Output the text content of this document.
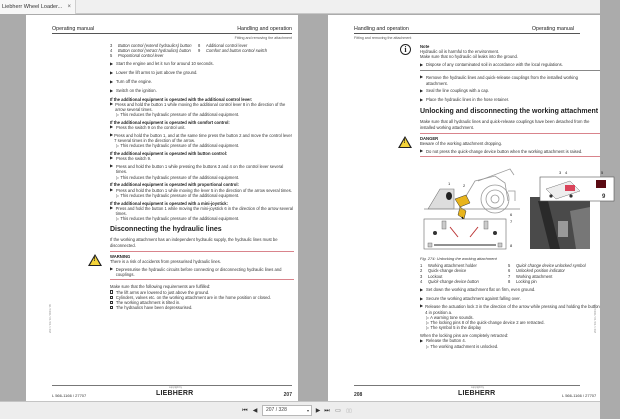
Liebherr Wheel Loader... ×
Operating manual	Handling and operation
Fitting and removing the attachment
3	Button control (extend hydraulics) button	8	Additional control lever
4	Button control (retract hydraulics) button	9	Comfort and button control switch
5	Proportional control lever

▶ Start the engine and let it run for around 10 seconds.

▶ Lower the lift arms to just above the ground.

▶ Turn off the engine.

▶ Switch on the ignition.

If the additional equipment is operated with the additional control lever:
▶ Press and hold the button 1 while moving the additional control lever 8 in the direction of the arrow several times.

▷ This reduces the hydraulic pressure of the additional equipment.

If the additional equipment is operated with comfort control:

▶ Press the switch 9 on the control unit.

▶ Press and hold the button 1, and at the same time press the button 2 and move the control lever 7 several times in the direction of the arrow.

▷ This reduces the hydraulic pressure of the additional equipment.

If the additional equipment is operated with button control:

▶ Press the switch 9.

▶ Press and hold the button 1 while pressing the buttons 3 and 4 on the control lever several times.

▷ This reduces the hydraulic pressure of the additional equipment.

If the additional equipment is operated with proportional control:
▶ Press and hold the button 1 while moving the lever 5 in the direction of the arrow several times.

▷ This reduces the hydraulic pressure of the additional equipment.

If the additional equipment is operated with a mini-joystick:
▶ Press and hold the button 1 while moving the mini-joystick 6 in the direction of the arrow several times.

▷ This reduces the hydraulic pressure of the additional equipment.

Disconnecting the hydraulic lines

If the working attachment has an independent hydraulic supply, the hydraulic lines must be disconnected.

!
WARNING

There is a risk of accidents from pressurised hydraulic lines.

▶ Depressurise the hydraulic circuits before connecting or disconnecting hydraulic lines and couplings.
Make sure that the following requirements are fulfilled:
The lift arms are lowered to just above the ground.
Cylinders, valves etc. on the working attachment are in the home position or closed.
The working attachment is tilted in.
The hydraulics have been depressurised.
2017 / 04 / 10 / 0001 / 05
L 566-1166 / 27707
copyright by
LIEBHERR	207
Handling and operation	Operating manual
Fitting and removing the attachment
i	Note
Hydraulic oil is harmful to the environment.

Make sure that no hydraulic oil leaks into the ground.

▶ Dispose of any contaminated soil in accordance with the local regulations.

▶ Remove the hydraulic lines and quick-release couplings from the installed working attachment.

▶ Seal the line couplings with a cap.

▶ Place the hydraulic lines in the hose retainer.

Unlocking and disconnecting the working attachment

Make sure that all hydraulic lines and quick-release couplings have been detached from the installed working attachment.

!
DANGER

Beware of the working attachment dropping.

▶ Do not press the quick-change device button when the working attachment is raised.
9
1	2
3 4	5
6
7
8
Fig. 274: Unlocking the working attachment
1	Working attachment holder	5	Quick change device unlocked symbol
2	Quick-change device	6	Unlocked position indicator
3	Lockout	7	Working attachment
4	Quick-change device button	8	Locking pin

▶ Set down the working attachment flat on firm, even ground.

▶ Secure the working attachment against falling over.

▶ Release the actuation lock 3 in the direction of the arrow while pressing and holding the button 4 in position a.
▷ A warning tone sounds.
▷ The locking pins 8 of the quick-change device 2 are retracted.

▷ The symbol 5 in the display

When the locking pins are completely retracted:
▶ Release the button 4.
▷ The working attachment is unlocked.
2017 / 04 / 10 / 0001 / 05
208
copyright by
LIEBHERR	L 566-1166 / 27707
⏮ ◀	207 / 328	▾ ▶ ⏭ ▭	▯▯
